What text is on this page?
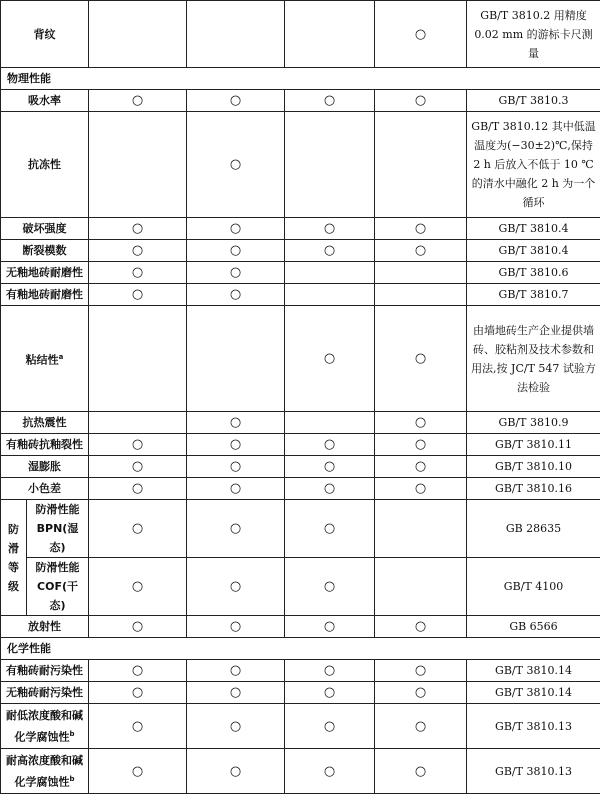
背纹					○	GB/T 3810.2 用精度 0.02 mm 的游标卡尺测量
物理性能						
吸水率		○	○	○	○	GB/T 3810.3
抗冻性			○			GB/T 3810.12 其中低温温度为(−30±2)℃,保持 2 h 后放入不低于 10 ℃的清水中融化 2 h 为一个循环
破坏强度		○	○	○	○	GB/T 3810.4
断裂模数		○	○	○	○	GB/T 3810.4
无釉地砖耐磨性		○	○			GB/T 3810.6
有釉地砖耐磨性		○	○			GB/T 3810.7
粘结性$^a$				○	○	由墙地砖生产企业提供墙砖、胶粘剂及技术参数和用法,按 JC/T 547 试验方法检验
抗热震性			○		○	GB/T 3810.9
有釉砖抗釉裂性		○	○	○	○	GB/T 3810.11
湿膨胀		○	○	○	○	GB/T 3810.10
小色差		○	○	○	○	GB/T 3810.16
防滑等级	防滑性能 BPN(湿态)	○	○	○		GB 28635
	防滑性能 COF(干态)	○	○	○		GB/T 4100
放射性		○	○	○	○	GB 6566
化学性能						
有釉砖耐污染性		○	○	○	○	GB/T 3810.14
无釉砖耐污染性		○	○	○	○	GB/T 3810.14
耐低浓度酸和碱化学腐蚀性$^b$		○	○	○	○	GB/T 3810.13
耐高浓度酸和碱化学腐蚀性$^b$		○	○	○	○	GB/T 3810.13
